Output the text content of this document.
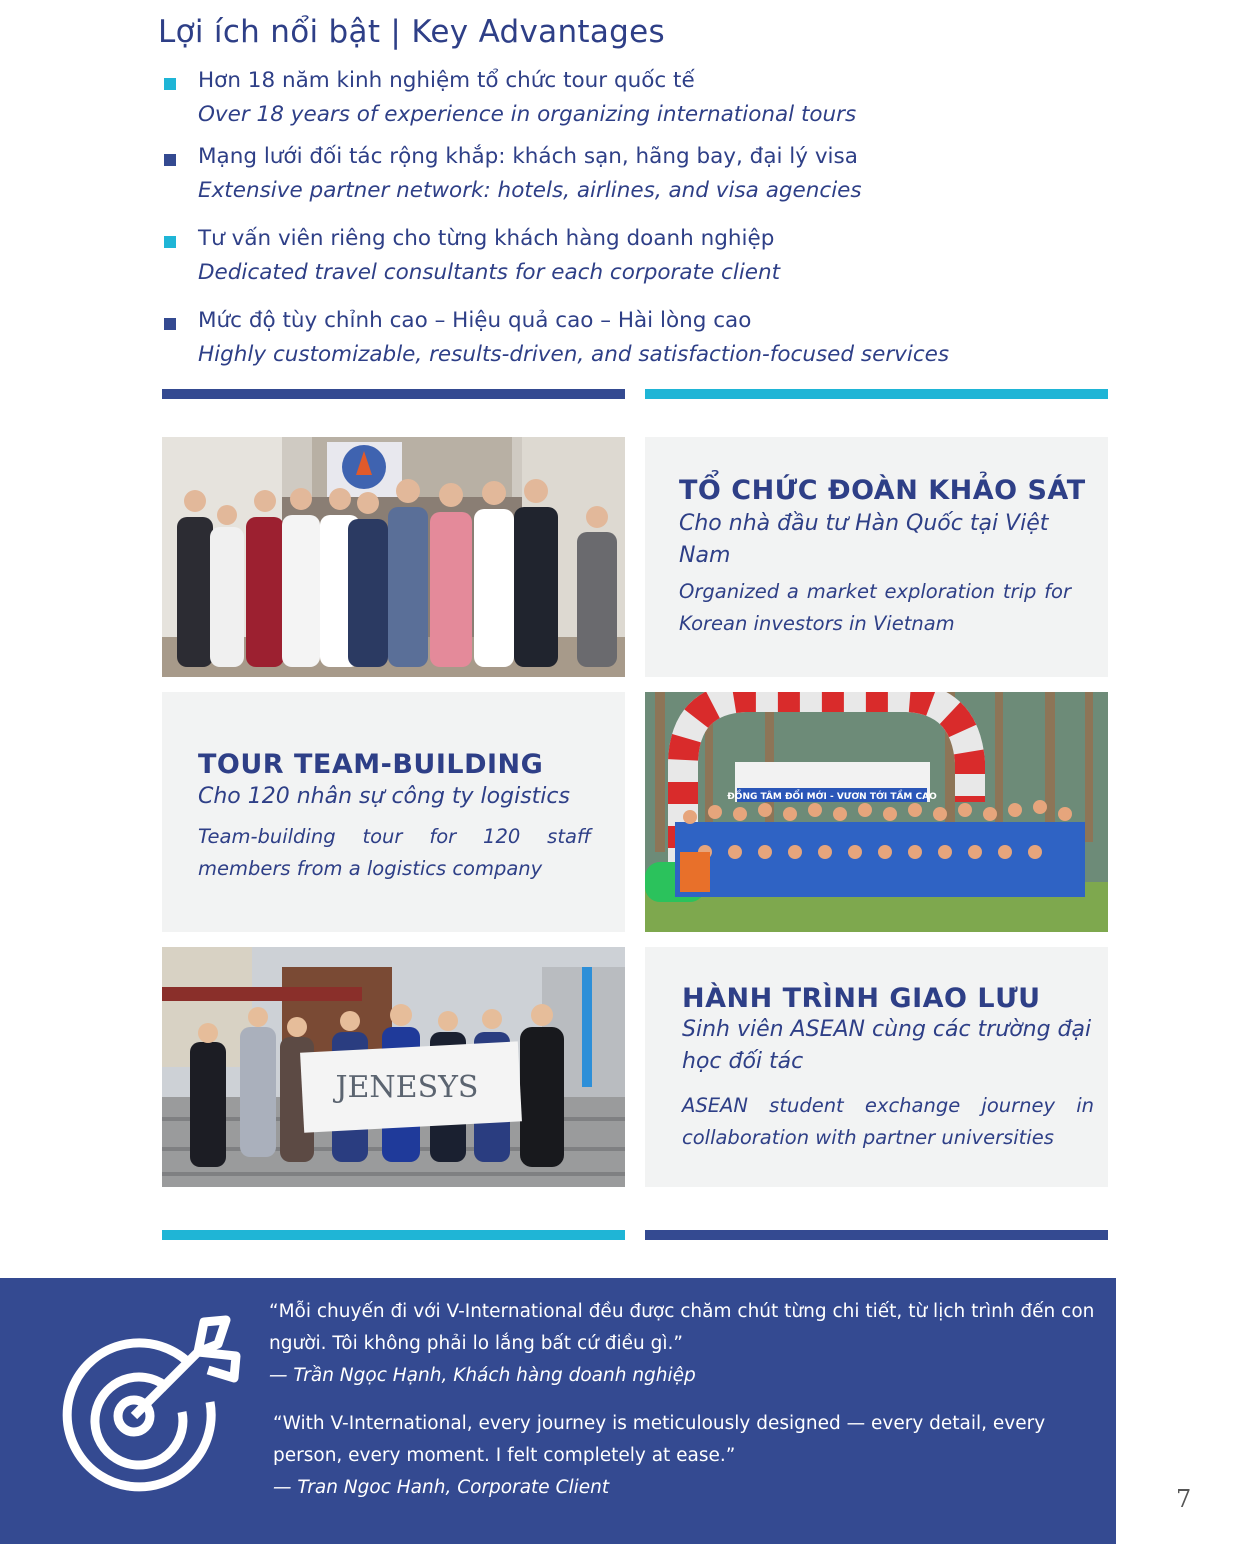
Lợi ích nổi bật | Key Advantages
Hơn 18 năm kinh nghiệm tổ chức tour quốc tế
Over 18 years of experience in organizing international tours
Mạng lưới đối tác rộng khắp: khách sạn, hãng bay, đại lý visa
Extensive partner network: hotels, airlines, and visa agencies
Tư vấn viên riêng cho từng khách hàng doanh nghiệp
Dedicated travel consultants for each corporate client
Mức độ tùy chỉnh cao – Hiệu quả cao – Hài lòng cao
Highly customizable, results-driven, and satisfaction-focused services
TỔ CHỨC ĐOÀN KHẢO SÁT
Cho nhà đầu tư Hàn Quốc tại Việt Nam
Organized a market exploration trip for Korean investors in Vietnam
TOUR TEAM-BUILDING
Cho 120 nhân sự công ty logistics
Team-building tour for 120 staff members from a logistics company
ĐỒNG TÂM ĐỔI MỚI - VƯƠN TỚI TẦM CAO
JENESYS
HÀNH TRÌNH GIAO LƯU
Sinh viên ASEAN cùng các trường đại học đối tác
ASEAN student exchange journey in collaboration with partner universities
“Mỗi chuyến đi với V-International đều được chăm chút từng chi tiết, từ lịch trình đến con người. Tôi không phải lo lắng bất cứ điều gì.”
— Trần Ngọc Hạnh, Khách hàng doanh nghiệp
“With V-International, every journey is meticulously designed — every detail, every person, every moment. I felt completely at ease.”
— Tran Ngoc Hanh, Corporate Client	7
